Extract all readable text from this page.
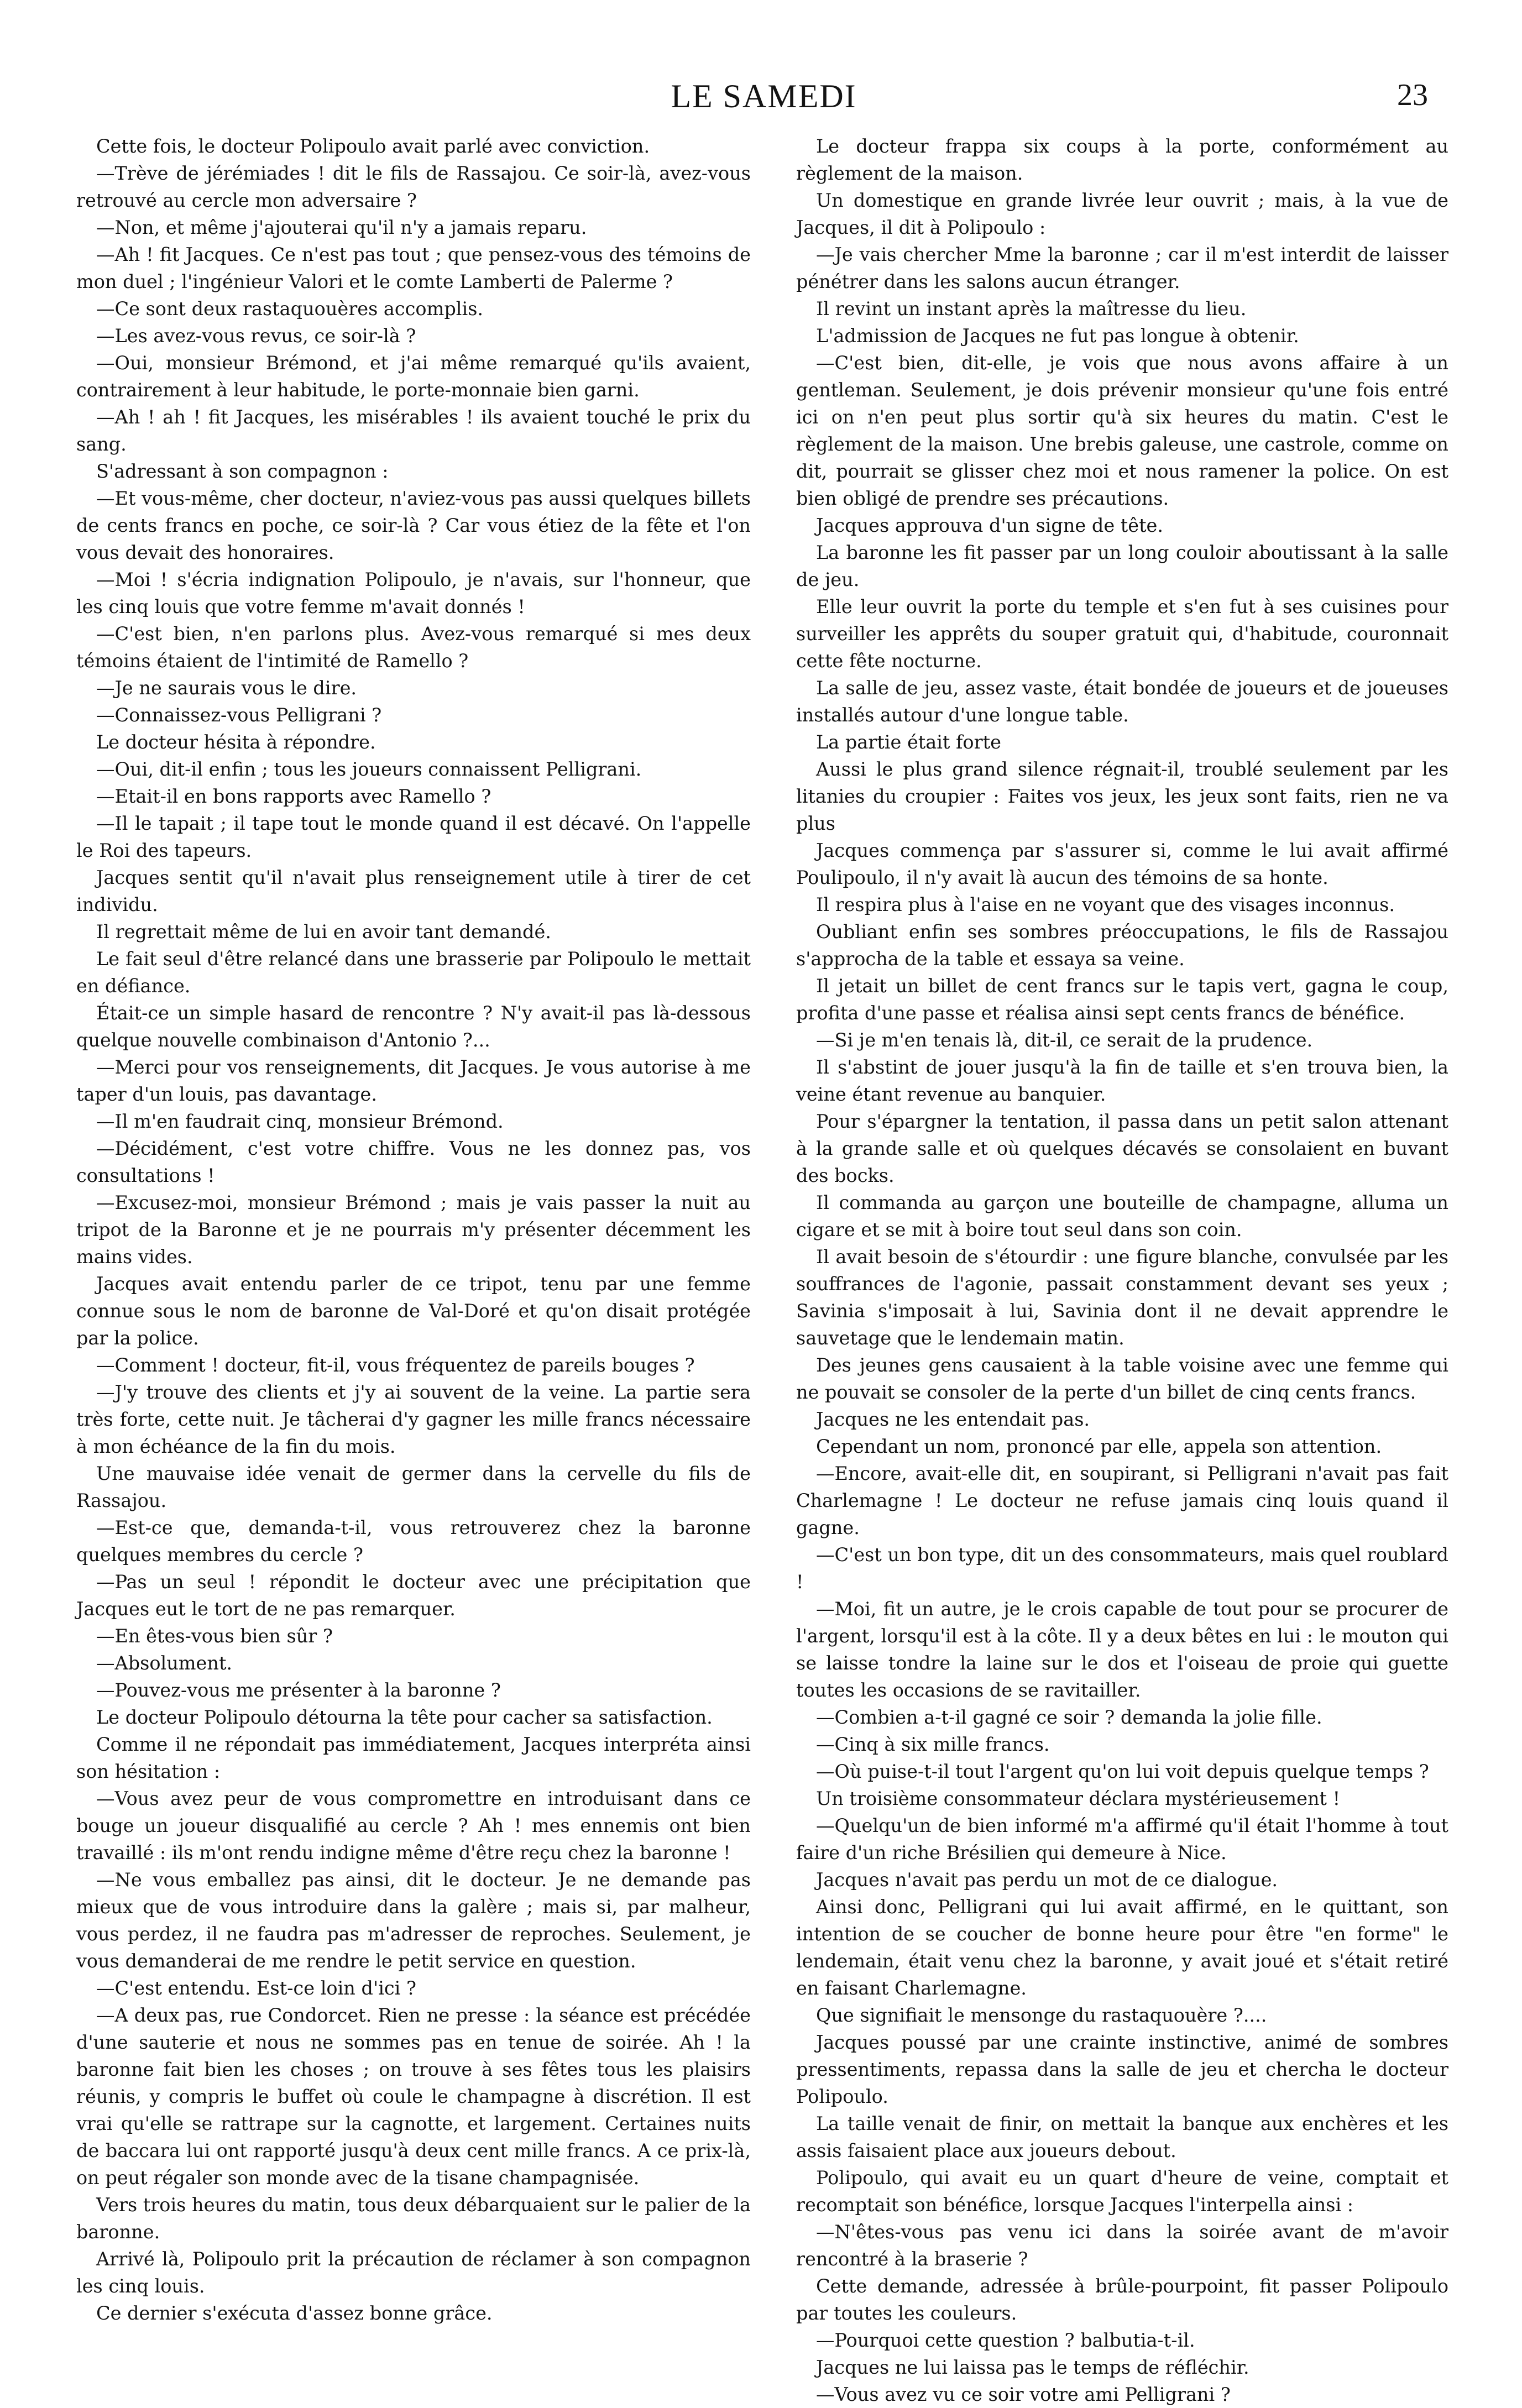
LE SAMEDI	23

Cette fois, le docteur Polipoulo avait parlé avec conviction.

—Trève de jérémiades ! dit le fils de Rassajou. Ce soir-là, avez-vous retrouvé au cercle mon adversaire ?

—Non, et même j'ajouterai qu'il n'y a jamais reparu.

—Ah ! fit Jacques. Ce n'est pas tout ; que pensez-vous des témoins de mon duel ; l'ingénieur Valori et le comte Lamberti de Palerme ?

—Ce sont deux rastaquouères accomplis.

—Les avez-vous revus, ce soir-là ?

—Oui, monsieur Brémond, et j'ai même remarqué qu'ils avaient, contrairement à leur habitude, le porte-monnaie bien garni.

—Ah ! ah ! fit Jacques, les misérables ! ils avaient touché le prix du sang.

S'adressant à son compagnon :

—Et vous-même, cher docteur, n'aviez-vous pas aussi quelques billets de cents francs en poche, ce soir-là ? Car vous étiez de la fête et l'on vous devait des honoraires.

—Moi ! s'écria indignation Polipoulo, je n'avais, sur l'honneur, que les cinq louis que votre femme m'avait donnés !

—C'est bien, n'en parlons plus. Avez-vous remarqué si mes deux témoins étaient de l'intimité de Ramello ?

—Je ne saurais vous le dire.

—Connaissez-vous Pelligrani ?

Le docteur hésita à répondre.

—Oui, dit-il enfin ; tous les joueurs connaissent Pelligrani.

—Etait-il en bons rapports avec Ramello ?

—Il le tapait ; il tape tout le monde quand il est décavé. On l'appelle le Roi des tapeurs.

Jacques sentit qu'il n'avait plus renseignement utile à tirer de cet individu.

Il regrettait même de lui en avoir tant demandé.

Le fait seul d'être relancé dans une brasserie par Polipoulo le mettait en défiance.

Était-ce un simple hasard de rencontre ? N'y avait-il pas là-dessous quelque nouvelle combinaison d'Antonio ?...

—Merci pour vos renseignements, dit Jacques. Je vous autorise à me taper d'un louis, pas davantage.

—Il m'en faudrait cinq, monsieur Brémond.

—Décidément, c'est votre chiffre. Vous ne les donnez pas, vos consultations !

—Excusez-moi, monsieur Brémond ; mais je vais passer la nuit au tripot de la Baronne et je ne pourrais m'y présenter décemment les mains vides.

Jacques avait entendu parler de ce tripot, tenu par une femme connue sous le nom de baronne de Val-Doré et qu'on disait protégée par la police.

—Comment ! docteur, fit-il, vous fréquentez de pareils bouges ?

—J'y trouve des clients et j'y ai souvent de la veine. La partie sera très forte, cette nuit. Je tâcherai d'y gagner les mille francs nécessaire à mon échéance de la fin du mois.

Une mauvaise idée venait de germer dans la cervelle du fils de Rassajou.

—Est-ce que, demanda-t-il, vous retrouverez chez la baronne quelques membres du cercle ?

—Pas un seul ! répondit le docteur avec une précipitation que Jacques eut le tort de ne pas remarquer.

—En êtes-vous bien sûr ?

—Absolument.

—Pouvez-vous me présenter à la baronne ?

Le docteur Polipoulo détourna la tête pour cacher sa satisfaction.

Comme il ne répondait pas immédiatement, Jacques interpréta ainsi son hésitation :

—Vous avez peur de vous compromettre en introduisant dans ce bouge un joueur disqualifié au cercle ? Ah ! mes ennemis ont bien travaillé : ils m'ont rendu indigne même d'être reçu chez la baronne !

—Ne vous emballez pas ainsi, dit le docteur. Je ne demande pas mieux que de vous introduire dans la galère ; mais si, par malheur, vous perdez, il ne faudra pas m'adresser de reproches. Seulement, je vous demanderai de me rendre le petit service en question.

—C'est entendu. Est-ce loin d'ici ?

—A deux pas, rue Condorcet. Rien ne presse : la séance est précédée d'une sauterie et nous ne sommes pas en tenue de soirée. Ah ! la baronne fait bien les choses ; on trouve à ses fêtes tous les plaisirs réunis, y compris le buffet où coule le champagne à discrétion. Il est vrai qu'elle se rattrape sur la cagnotte, et largement. Certaines nuits de baccara lui ont rapporté jusqu'à deux cent mille francs. A ce prix-là, on peut régaler son monde avec de la tisane champagnisée.

Vers trois heures du matin, tous deux débarquaient sur le palier de la baronne.

Arrivé là, Polipoulo prit la précaution de réclamer à son compagnon les cinq louis.

Ce dernier s'exécuta d'assez bonne grâce.

Le docteur frappa six coups à la porte, conformément au règlement de la maison.

Un domestique en grande livrée leur ouvrit ; mais, à la vue de Jacques, il dit à Polipoulo :

—Je vais chercher Mme la baronne ; car il m'est interdit de laisser pénétrer dans les salons aucun étranger.

Il revint un instant après la maîtresse du lieu.

L'admission de Jacques ne fut pas longue à obtenir.

—C'est bien, dit-elle, je vois que nous avons affaire à un gentleman. Seulement, je dois prévenir monsieur qu'une fois entré ici on n'en peut plus sortir qu'à six heures du matin. C'est le règlement de la maison. Une brebis galeuse, une castrole, comme on dit, pourrait se glisser chez moi et nous ramener la police. On est bien obligé de prendre ses précautions.

Jacques approuva d'un signe de tête.

La baronne les fit passer par un long couloir aboutissant à la salle de jeu.

Elle leur ouvrit la porte du temple et s'en fut à ses cuisines pour surveiller les apprêts du souper gratuit qui, d'habitude, couronnait cette fête nocturne.

La salle de jeu, assez vaste, était bondée de joueurs et de joueuses installés autour d'une longue table.

La partie était forte

Aussi le plus grand silence régnait-il, troublé seulement par les litanies du croupier : Faites vos jeux, les jeux sont faits, rien ne va plus

Jacques commença par s'assurer si, comme le lui avait affirmé Poulipoulo, il n'y avait là aucun des témoins de sa honte.

Il respira plus à l'aise en ne voyant que des visages inconnus.

Oubliant enfin ses sombres préoccupations, le fils de Rassajou s'approcha de la table et essaya sa veine.

Il jetait un billet de cent francs sur le tapis vert, gagna le coup, profita d'une passe et réalisa ainsi sept cents francs de bénéfice.

—Si je m'en tenais là, dit-il, ce serait de la prudence.

Il s'abstint de jouer jusqu'à la fin de taille et s'en trouva bien, la veine étant revenue au banquier.

Pour s'épargner la tentation, il passa dans un petit salon attenant à la grande salle et où quelques décavés se consolaient en buvant des bocks.

Il commanda au garçon une bouteille de champagne, alluma un cigare et se mit à boire tout seul dans son coin.

Il avait besoin de s'étourdir : une figure blanche, convulsée par les souffrances de l'agonie, passait constamment devant ses yeux ; Savinia s'imposait à lui, Savinia dont il ne devait apprendre le sauvetage que le lendemain matin.

Des jeunes gens causaient à la table voisine avec une femme qui ne pouvait se consoler de la perte d'un billet de cinq cents francs.

Jacques ne les entendait pas.

Cependant un nom, prononcé par elle, appela son attention.

—Encore, avait-elle dit, en soupirant, si Pelligrani n'avait pas fait Charlemagne ! Le docteur ne refuse jamais cinq louis quand il gagne.

—C'est un bon type, dit un des consommateurs, mais quel roublard !

—Moi, fit un autre, je le crois capable de tout pour se procurer de l'argent, lorsqu'il est à la côte. Il y a deux bêtes en lui : le mouton qui se laisse tondre la laine sur le dos et l'oiseau de proie qui guette toutes les occasions de se ravitailler.

—Combien a-t-il gagné ce soir ? demanda la jolie fille.

—Cinq à six mille francs.

—Où puise-t-il tout l'argent qu'on lui voit depuis quelque temps ?

Un troisième consommateur déclara mystérieusement !

—Quelqu'un de bien informé m'a affirmé qu'il était l'homme à tout faire d'un riche Brésilien qui demeure à Nice.

Jacques n'avait pas perdu un mot de ce dialogue.

Ainsi donc, Pelligrani qui lui avait affirmé, en le quittant, son intention de se coucher de bonne heure pour être "en forme" le lendemain, était venu chez la baronne, y avait joué et s'était retiré en faisant Charlemagne.

Que signifiait le mensonge du rastaquouère ?....

Jacques poussé par une crainte instinctive, animé de sombres pressentiments, repassa dans la salle de jeu et chercha le docteur Polipoulo.

La taille venait de finir, on mettait la banque aux enchères et les assis faisaient place aux joueurs debout.

Polipoulo, qui avait eu un quart d'heure de veine, comptait et recomptait son bénéfice, lorsque Jacques l'interpella ainsi :

—N'êtes-vous pas venu ici dans la soirée avant de m'avoir rencontré à la braserie ?

Cette demande, adressée à brûle-pourpoint, fit passer Polipoulo par toutes les couleurs.

—Pourquoi cette question ? balbutia-t-il.

Jacques ne lui laissa pas le temps de réfléchir.

—Vous avez vu ce soir votre ami Pelligrani ?
